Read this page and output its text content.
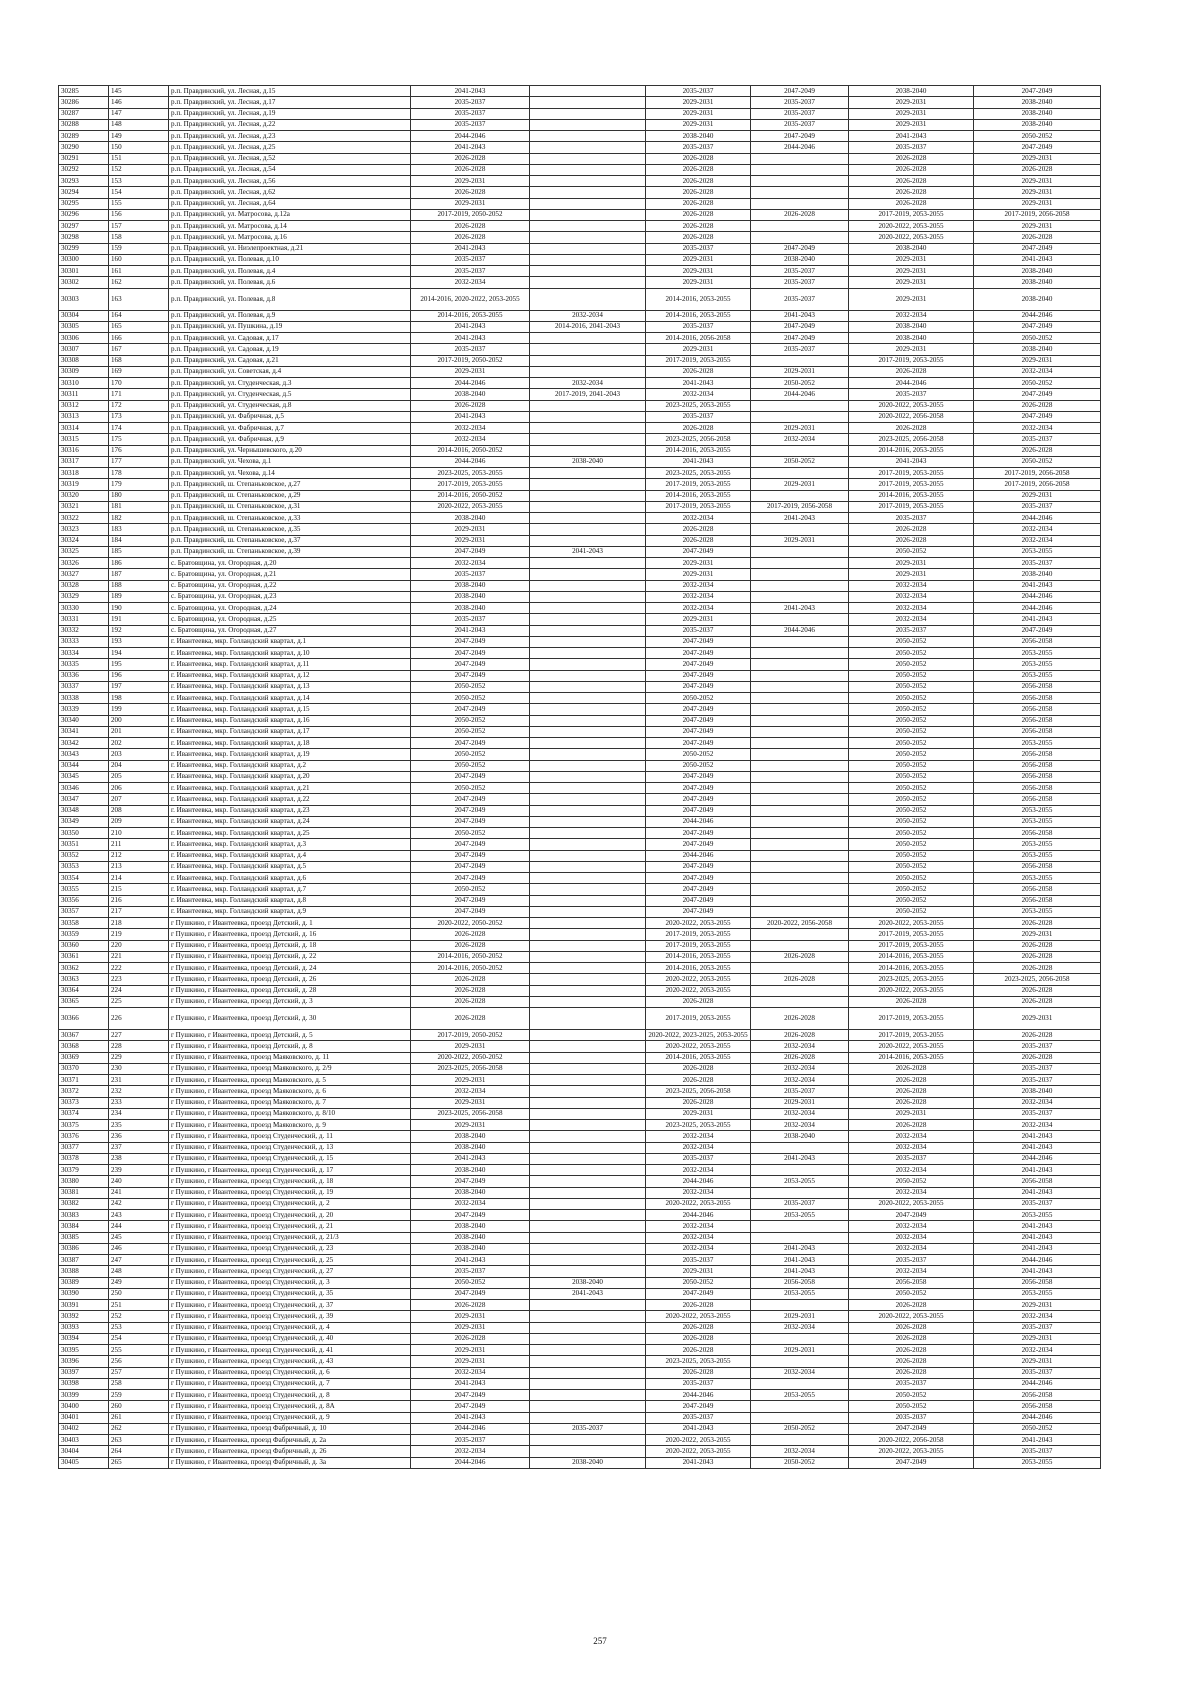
30285	145	р.п. Правдинский, ул. Лесная, д.15	2041-2043		2035-2037	2047-2049	2038-2040	2047-2049
30286	146	р.п. Правдинский, ул. Лесная, д.17	2035-2037		2029-2031	2035-2037	2029-2031	2038-2040
30287	147	р.п. Правдинский, ул. Лесная, д.19	2035-2037		2029-2031	2035-2037	2029-2031	2038-2040
30288	148	р.п. Правдинский, ул. Лесная, д.22	2035-2037		2029-2031	2035-2037	2029-2031	2038-2040
30289	149	р.п. Правдинский, ул. Лесная, д.23	2044-2046		2038-2040	2047-2049	2041-2043	2050-2052
30290	150	р.п. Правдинский, ул. Лесная, д.25	2041-2043		2035-2037	2044-2046	2035-2037	2047-2049
30291	151	р.п. Правдинский, ул. Лесная, д.52	2026-2028		2026-2028		2026-2028	2029-2031
30292	152	р.п. Правдинский, ул. Лесная, д.54	2026-2028		2026-2028		2026-2028	2026-2028
30293	153	р.п. Правдинский, ул. Лесная, д.56	2029-2031		2026-2028		2026-2028	2029-2031
30294	154	р.п. Правдинский, ул. Лесная, д.62	2026-2028		2026-2028		2026-2028	2029-2031
30295	155	р.п. Правдинский, ул. Лесная, д.64	2029-2031		2026-2028		2026-2028	2029-2031
30296	156	р.п. Правдинский, ул. Матросова, д.12а	2017-2019, 2050-2052		2026-2028	2026-2028	2017-2019, 2053-2055	2017-2019, 2056-2058
30297	157	р.п. Правдинский, ул. Матросова, д.14	2026-2028		2026-2028		2020-2022, 2053-2055	2029-2031
30298	158	р.п. Правдинский, ул. Матросова, д.16	2026-2028		2026-2028		2020-2022, 2053-2055	2026-2028
30299	159	р.п. Правдинский, ул. Ниэлепроектная, д.21	2041-2043		2035-2037	2047-2049	2038-2040	2047-2049
30300	160	р.п. Правдинский, ул. Полевая, д.10	2035-2037		2029-2031	2038-2040	2029-2031	2041-2043
30301	161	р.п. Правдинский, ул. Полевая, д.4	2035-2037		2029-2031	2035-2037	2029-2031	2038-2040
30302	162	р.п. Правдинский, ул. Полевая, д.6	2032-2034		2029-2031	2035-2037	2029-2031	2038-2040
30303	163	р.п. Правдинский, ул. Полевая, д.8	2014-2016, 2020-2022, 2053-2055		2014-2016, 2053-2055	2035-2037	2029-2031	2038-2040
30304	164	р.п. Правдинский, ул. Полевая, д.9	2014-2016, 2053-2055	2032-2034	2014-2016, 2053-2055	2041-2043	2032-2034	2044-2046
30305	165	р.п. Правдинский, ул. Пушкина, д.19	2041-2043	2014-2016, 2041-2043	2035-2037	2047-2049	2038-2040	2047-2049
30306	166	р.п. Правдинский, ул. Садовая, д.17	2041-2043		2014-2016, 2056-2058	2047-2049	2038-2040	2050-2052
30307	167	р.п. Правдинский, ул. Садовая, д.19	2035-2037		2029-2031	2035-2037	2029-2031	2038-2040
30308	168	р.п. Правдинский, ул. Садовая, д.21	2017-2019, 2050-2052		2017-2019, 2053-2055		2017-2019, 2053-2055	2029-2031
30309	169	р.п. Правдинский, ул. Советская, д.4	2029-2031		2026-2028	2029-2031	2026-2028	2032-2034
30310	170	р.п. Правдинский, ул. Студенческая, д.3	2044-2046	2032-2034	2041-2043	2050-2052	2044-2046	2050-2052
30311	171	р.п. Правдинский, ул. Студенческая, д.5	2038-2040	2017-2019, 2041-2043	2032-2034	2044-2046	2035-2037	2047-2049
30312	172	р.п. Правдинский, ул. Студенческая, д.8	2026-2028		2023-2025, 2053-2055		2020-2022, 2053-2055	2026-2028
30313	173	р.п. Правдинский, ул. Фабричная, д.5	2041-2043		2035-2037		2020-2022, 2056-2058	2047-2049
30314	174	р.п. Правдинский, ул. Фабричная, д.7	2032-2034		2026-2028	2029-2031	2026-2028	2032-2034
30315	175	р.п. Правдинский, ул. Фабричная, д.9	2032-2034		2023-2025, 2056-2058	2032-2034	2023-2025, 2056-2058	2035-2037
30316	176	р.п. Правдинский, ул. Чернышевского, д.20	2014-2016, 2050-2052		2014-2016, 2053-2055		2014-2016, 2053-2055	2026-2028
30317	177	р.п. Правдинский, ул. Чехова, д.1	2044-2046	2038-2040	2041-2043	2050-2052	2041-2043	2050-2052
30318	178	р.п. Правдинский, ул. Чехова, д.14	2023-2025, 2053-2055		2023-2025, 2053-2055		2017-2019, 2053-2055	2017-2019, 2056-2058
30319	179	р.п. Правдинский, ш. Степаньковское, д.27	2017-2019, 2053-2055		2017-2019, 2053-2055	2029-2031	2017-2019, 2053-2055	2017-2019, 2056-2058
30320	180	р.п. Правдинский, ш. Степаньковское, д.29	2014-2016, 2050-2052		2014-2016, 2053-2055		2014-2016, 2053-2055	2029-2031
30321	181	р.п. Правдинский, ш. Степаньковское, д.31	2020-2022, 2053-2055		2017-2019, 2053-2055	2017-2019, 2056-2058	2017-2019, 2053-2055	2035-2037
30322	182	р.п. Правдинский, ш. Степаньковское, д.33	2038-2040		2032-2034	2041-2043	2035-2037	2044-2046
30323	183	р.п. Правдинский, ш. Степаньковское, д.35	2029-2031		2026-2028		2026-2028	2032-2034
30324	184	р.п. Правдинский, ш. Степаньковское, д.37	2029-2031		2026-2028	2029-2031	2026-2028	2032-2034
30325	185	р.п. Правдинский, ш. Степаньковское, д.39	2047-2049	2041-2043	2047-2049		2050-2052	2053-2055
30326	186	с. Братовщина, ул. Огородная, д.20	2032-2034		2029-2031		2029-2031	2035-2037
30327	187	с. Братовщина, ул. Огородная, д.21	2035-2037		2029-2031		2029-2031	2038-2040
30328	188	с. Братовщина, ул. Огородная, д.22	2038-2040		2032-2034		2032-2034	2041-2043
30329	189	с. Братовщина, ул. Огородная, д.23	2038-2040		2032-2034		2032-2034	2044-2046
30330	190	с. Братовщина, ул. Огородная, д.24	2038-2040		2032-2034	2041-2043	2032-2034	2044-2046
30331	191	с. Братовщина, ул. Огородная, д.25	2035-2037		2029-2031		2032-2034	2041-2043
30332	192	с. Братовщина, ул. Огородная, д.27	2041-2043		2035-2037	2044-2046	2035-2037	2047-2049
30333	193	г. Ивантеевка, мкр. Голландский квартал, д.1	2047-2049		2047-2049		2050-2052	2056-2058
30334	194	г. Ивантеевка, мкр. Голландский квартал, д.10	2047-2049		2047-2049		2050-2052	2053-2055
30335	195	г. Ивантеевка, мкр. Голландский квартал, д.11	2047-2049		2047-2049		2050-2052	2053-2055
30336	196	г. Ивантеевка, мкр. Голландский квартал, д.12	2047-2049		2047-2049		2050-2052	2053-2055
30337	197	г. Ивантеевка, мкр. Голландский квартал, д.13	2050-2052		2047-2049		2050-2052	2056-2058
30338	198	г. Ивантеевка, мкр. Голландский квартал, д.14	2050-2052		2050-2052		2050-2052	2056-2058
30339	199	г. Ивантеевка, мкр. Голландский квартал, д.15	2047-2049		2047-2049		2050-2052	2056-2058
30340	200	г. Ивантеевка, мкр. Голландский квартал, д.16	2050-2052		2047-2049		2050-2052	2056-2058
30341	201	г. Ивантеевка, мкр. Голландский квартал, д.17	2050-2052		2047-2049		2050-2052	2056-2058
30342	202	г. Ивантеевка, мкр. Голландский квартал, д.18	2047-2049		2047-2049		2050-2052	2053-2055
30343	203	г. Ивантеевка, мкр. Голландский квартал, д.19	2050-2052		2050-2052		2050-2052	2056-2058
30344	204	г. Ивантеевка, мкр. Голландский квартал, д.2	2050-2052		2050-2052		2050-2052	2056-2058
30345	205	г. Ивантеевка, мкр. Голландский квартал, д.20	2047-2049		2047-2049		2050-2052	2056-2058
30346	206	г. Ивантеевка, мкр. Голландский квартал, д.21	2050-2052		2047-2049		2050-2052	2056-2058
30347	207	г. Ивантеевка, мкр. Голландский квартал, д.22	2047-2049		2047-2049		2050-2052	2056-2058
30348	208	г. Ивантеевка, мкр. Голландский квартал, д.23	2047-2049		2047-2049		2050-2052	2053-2055
30349	209	г. Ивантеевка, мкр. Голландский квартал, д.24	2047-2049		2044-2046		2050-2052	2053-2055
30350	210	г. Ивантеевка, мкр. Голландский квартал, д.25	2050-2052		2047-2049		2050-2052	2056-2058
30351	211	г. Ивантеевка, мкр. Голландский квартал, д.3	2047-2049		2047-2049		2050-2052	2053-2055
30352	212	г. Ивантеевка, мкр. Голландский квартал, д.4	2047-2049		2044-2046		2050-2052	2053-2055
30353	213	г. Ивантеевка, мкр. Голландский квартал, д.5	2047-2049		2047-2049		2050-2052	2056-2058
30354	214	г. Ивантеевка, мкр. Голландский квартал, д.6	2047-2049		2047-2049		2050-2052	2053-2055
30355	215	г. Ивантеевка, мкр. Голландский квартал, д.7	2050-2052		2047-2049		2050-2052	2056-2058
30356	216	г. Ивантеевка, мкр. Голландский квартал, д.8	2047-2049		2047-2049		2050-2052	2056-2058
30357	217	г. Ивантеевка, мкр. Голландский квартал, д.9	2047-2049		2047-2049		2050-2052	2053-2055
30358	218	г Пушкино, г Ивантеевка, проезд Детский, д. 1	2020-2022, 2050-2052		2020-2022, 2053-2055	2020-2022, 2056-2058	2020-2022, 2053-2055	2026-2028
30359	219	г Пушкино, г Ивантеевка, проезд Детский, д. 16	2026-2028		2017-2019, 2053-2055		2017-2019, 2053-2055	2029-2031
30360	220	г Пушкино, г Ивантеевка, проезд Детский, д. 18	2026-2028		2017-2019, 2053-2055		2017-2019, 2053-2055	2026-2028
30361	221	г Пушкино, г Ивантеевка, проезд Детский, д. 22	2014-2016, 2050-2052		2014-2016, 2053-2055	2026-2028	2014-2016, 2053-2055	2026-2028
30362	222	г Пушкино, г Ивантеевка, проезд Детский, д. 24	2014-2016, 2050-2052		2014-2016, 2053-2055		2014-2016, 2053-2055	2026-2028
30363	223	г Пушкино, г Ивантеевка, проезд Детский, д. 26	2026-2028		2020-2022, 2053-2055	2026-2028	2023-2025, 2053-2055	2023-2025, 2056-2058
30364	224	г Пушкино, г Ивантеевка, проезд Детский, д. 28	2026-2028		2020-2022, 2053-2055		2020-2022, 2053-2055	2026-2028
30365	225	г Пушкино, г Ивантеевка, проезд Детский, д. 3	2026-2028		2026-2028		2026-2028	2026-2028
30366	226	г Пушкино, г Ивантеевка, проезд Детский, д. 30	2026-2028		2017-2019, 2053-2055	2026-2028	2017-2019, 2053-2055	2029-2031
30367	227	г Пушкино, г Ивантеевка, проезд Детский, д. 5	2017-2019, 2050-2052		2020-2022, 2023-2025, 2053-2055	2026-2028	2017-2019, 2053-2055	2026-2028
30368	228	г Пушкино, г Ивантеевка, проезд Детский, д. 8	2029-2031		2020-2022, 2053-2055	2032-2034	2020-2022, 2053-2055	2035-2037
30369	229	г Пушкино, г Ивантеевка, проезд Маяковского, д. 11	2020-2022, 2050-2052		2014-2016, 2053-2055	2026-2028	2014-2016, 2053-2055	2026-2028
30370	230	г Пушкино, г Ивантеевка, проезд Маяковского, д. 2/9	2023-2025, 2056-2058		2026-2028	2032-2034	2026-2028	2035-2037
30371	231	г Пушкино, г Ивантеевка, проезд Маяковского, д. 5	2029-2031		2026-2028	2032-2034	2026-2028	2035-2037
30372	232	г Пушкино, г Ивантеевка, проезд Маяковского, д. 6	2032-2034		2023-2025, 2056-2058	2035-2037	2026-2028	2038-2040
30373	233	г Пушкино, г Ивантеевка, проезд Маяковского, д. 7	2029-2031		2026-2028	2029-2031	2026-2028	2032-2034
30374	234	г Пушкино, г Ивантеевка, проезд Маяковского, д. 8/10	2023-2025, 2056-2058		2029-2031	2032-2034	2029-2031	2035-2037
30375	235	г Пушкино, г Ивантеевка, проезд Маяковского, д. 9	2029-2031		2023-2025, 2053-2055	2032-2034	2026-2028	2032-2034
30376	236	г Пушкино, г Ивантеевка, проезд Студенческий, д. 11	2038-2040		2032-2034	2038-2040	2032-2034	2041-2043
30377	237	г Пушкино, г Ивантеевка, проезд Студенческий, д. 13	2038-2040		2032-2034		2032-2034	2041-2043
30378	238	г Пушкино, г Ивантеевка, проезд Студенческий, д. 15	2041-2043		2035-2037	2041-2043	2035-2037	2044-2046
30379	239	г Пушкино, г Ивантеевка, проезд Студенческий, д. 17	2038-2040		2032-2034		2032-2034	2041-2043
30380	240	г Пушкино, г Ивантеевка, проезд Студенческий, д. 18	2047-2049		2044-2046	2053-2055	2050-2052	2056-2058
30381	241	г Пушкино, г Ивантеевка, проезд Студенческий, д. 19	2038-2040		2032-2034		2032-2034	2041-2043
30382	242	г Пушкино, г Ивантеевка, проезд Студенческий, д. 2	2032-2034		2020-2022, 2053-2055	2035-2037	2020-2022, 2053-2055	2035-2037
30383	243	г Пушкино, г Ивантеевка, проезд Студенческий, д. 20	2047-2049		2044-2046	2053-2055	2047-2049	2053-2055
30384	244	г Пушкино, г Ивантеевка, проезд Студенческий, д. 21	2038-2040		2032-2034		2032-2034	2041-2043
30385	245	г Пушкино, г Ивантеевка, проезд Студенческий, д. 21/3	2038-2040		2032-2034		2032-2034	2041-2043
30386	246	г Пушкино, г Ивантеевка, проезд Студенческий, д. 23	2038-2040		2032-2034	2041-2043	2032-2034	2041-2043
30387	247	г Пушкино, г Ивантеевка, проезд Студенческий, д. 25	2041-2043		2035-2037	2041-2043	2035-2037	2044-2046
30388	248	г Пушкино, г Ивантеевка, проезд Студенческий, д. 27	2035-2037		2029-2031	2041-2043	2032-2034	2041-2043
30389	249	г Пушкино, г Ивантеевка, проезд Студенческий, д. 3	2050-2052	2038-2040	2050-2052	2056-2058	2056-2058	2056-2058
30390	250	г Пушкино, г Ивантеевка, проезд Студенческий, д. 35	2047-2049	2041-2043	2047-2049	2053-2055	2050-2052	2053-2055
30391	251	г Пушкино, г Ивантеевка, проезд Студенческий, д. 37	2026-2028		2026-2028		2026-2028	2029-2031
30392	252	г Пушкино, г Ивантеевка, проезд Студенческий, д. 39	2029-2031		2020-2022, 2053-2055	2029-2031	2020-2022, 2053-2055	2032-2034
30393	253	г Пушкино, г Ивантеевка, проезд Студенческий, д. 4	2029-2031		2026-2028	2032-2034	2026-2028	2035-2037
30394	254	г Пушкино, г Ивантеевка, проезд Студенческий, д. 40	2026-2028		2026-2028		2026-2028	2029-2031
30395	255	г Пушкино, г Ивантеевка, проезд Студенческий, д. 41	2029-2031		2026-2028	2029-2031	2026-2028	2032-2034
30396	256	г Пушкино, г Ивантеевка, проезд Студенческий, д. 43	2029-2031		2023-2025, 2053-2055		2026-2028	2029-2031
30397	257	г Пушкино, г Ивантеевка, проезд Студенческий, д. 6	2032-2034		2026-2028	2032-2034	2026-2028	2035-2037
30398	258	г Пушкино, г Ивантеевка, проезд Студенческий, д. 7	2041-2043		2035-2037		2035-2037	2044-2046
30399	259	г Пушкино, г Ивантеевка, проезд Студенческий, д. 8	2047-2049		2044-2046	2053-2055	2050-2052	2056-2058
30400	260	г Пушкино, г Ивантеевка, проезд Студенческий, д. 8А	2047-2049		2047-2049		2050-2052	2056-2058
30401	261	г Пушкино, г Ивантеевка, проезд Студенческий, д. 9	2041-2043		2035-2037		2035-2037	2044-2046
30402	262	г Пушкино, г Ивантеевка, проезд Фабричный, д. 10	2044-2046	2035-2037	2041-2043	2050-2052	2047-2049	2050-2052
30403	263	г Пушкино, г Ивантеевка, проезд Фабричный, д. 2а	2035-2037		2020-2022, 2053-2055		2020-2022, 2056-2058	2041-2043
30404	264	г Пушкино, г Ивантеевка, проезд Фабричный, д. 26	2032-2034		2020-2022, 2053-2055	2032-2034	2020-2022, 2053-2055	2035-2037
30405	265	г Пушкино, г Ивантеевка, проезд Фабричный, д. 3а	2044-2046	2038-2040	2041-2043	2050-2052	2047-2049	2053-2055
257
